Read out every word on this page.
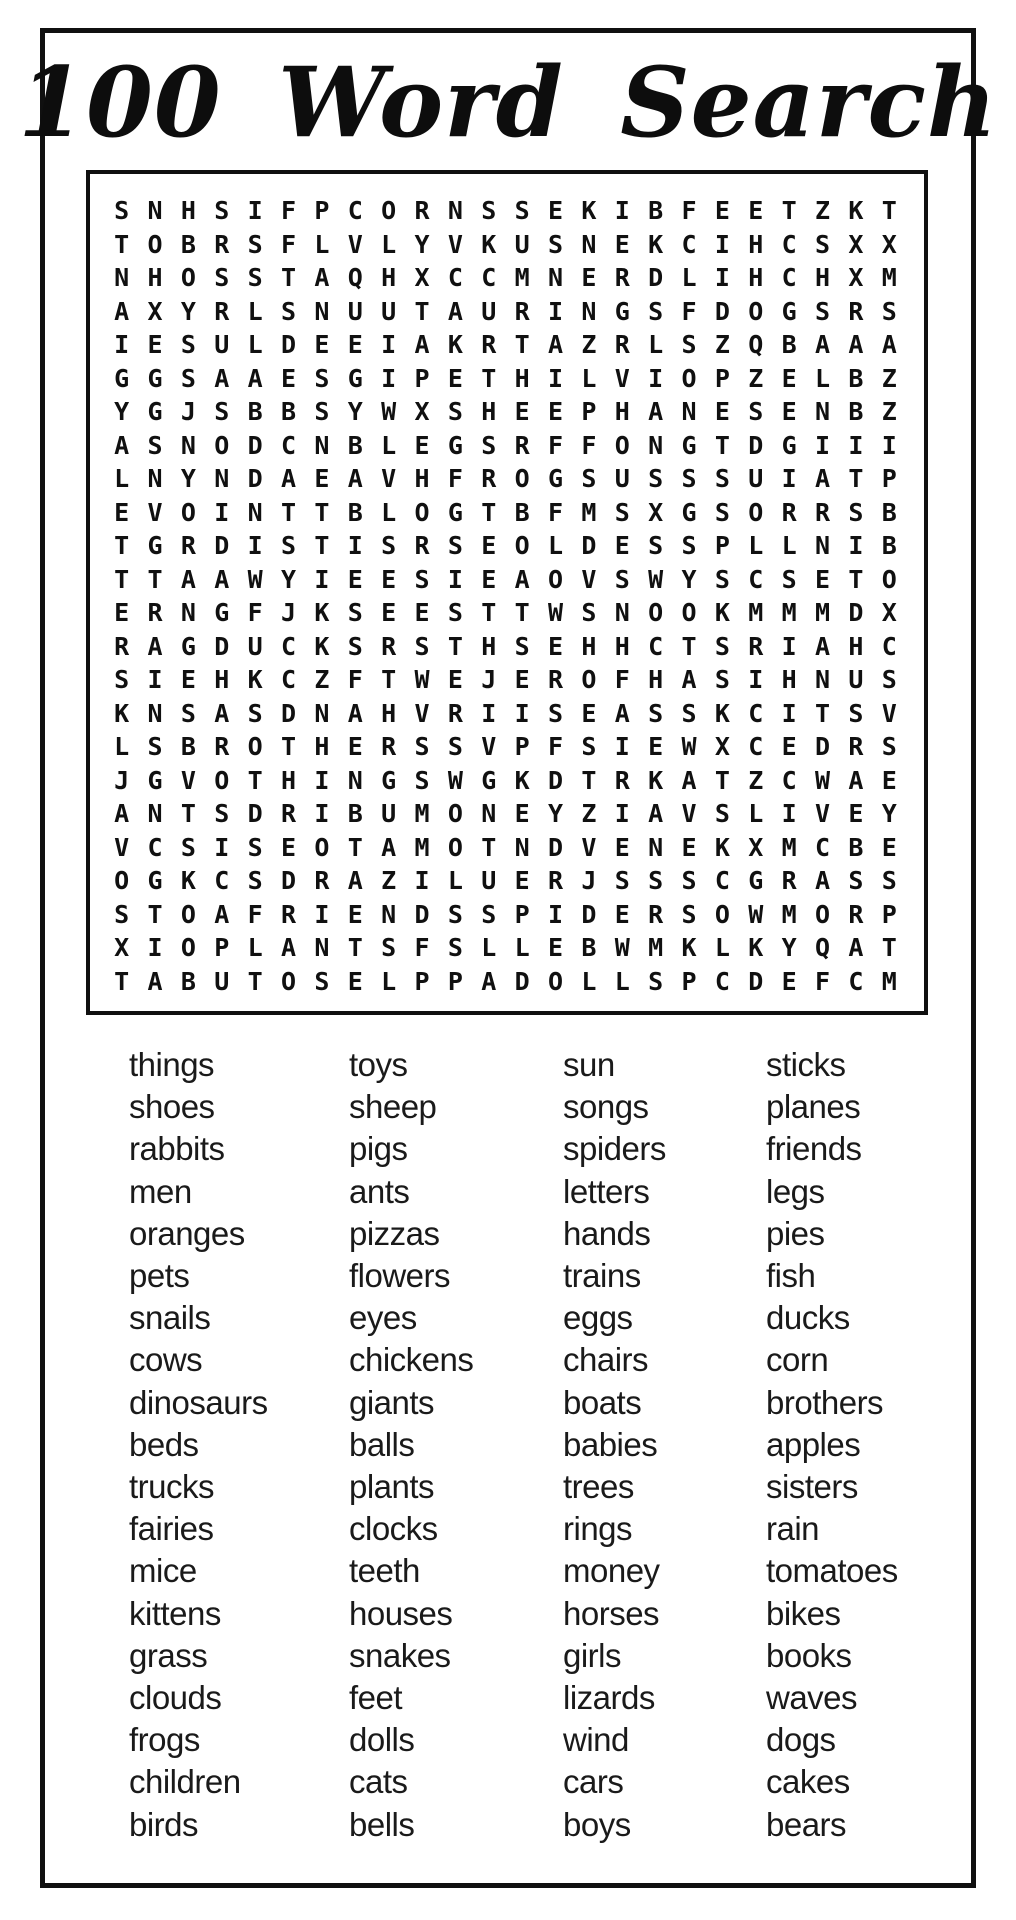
100 Word Search
S N H S I F P C O R N S S E K I B F E E T Z K T
T O B R S F L V L Y V K U S N E K C I H C S X X
N H O S S T A Q H X C C M N E R D L I H C H X M
A X Y R L S N U U T A U R I N G S F D O G S R S
I E S U L D E E I A K R T A Z R L S Z Q B A A A
G G S A A E S G I P E T H I L V I O P Z E L B Z
Y G J S B B S Y W X S H E E P H A N E S E N B Z
A S N O D C N B L E G S R F F O N G T D G I I I
L N Y N D A E A V H F R O G S U S S S U I A T P
E V O I N T T B L O G T B F M S X G S O R R S B
T G R D I S T I S R S E O L D E S S P L L N I B
T T A A W Y I E E S I E A O V S W Y S C S E T O
E R N G F J K S E E S T T W S N O O K M M M D X
R A G D U C K S R S T H S E H H C T S R I A H C
S I E H K C Z F T W E J E R O F H A S I H N U S
K N S A S D N A H V R I I S E A S S K C I T S V
L S B R O T H E R S S V P F S I E W X C E D R S
J G V O T H I N G S W G K D T R K A T Z C W A E
A N T S D R I B U M O N E Y Z I A V S L I V E Y
V C S I S E O T A M O T N D V E N E K X M C B E
O G K C S D R A Z I L U E R J S S S C G R A S S
S T O A F R I E N D S S P I D E R S O W M O R P
X I O P L A N T S F S L L E B W M K L K Y Q A T
T A B U T O S E L P P A D O L L S P C D E F C M
things
shoes
rabbits
men
oranges
pets
snails
cows
dinosaurs
beds
trucks
fairies
mice
kittens
grass
clouds
frogs
children
birds
toys
sheep
pigs
ants
pizzas
flowers
eyes
chickens
giants
balls
plants
clocks
teeth
houses
snakes
feet
dolls
cats
bells
sun
songs
spiders
letters
hands
trains
eggs
chairs
boats
babies
trees
rings
money
horses
girls
lizards
wind
cars
boys
sticks
planes
friends
legs
pies
fish
ducks
corn
brothers
apples
sisters
rain
tomatoes
bikes
books
waves
dogs
cakes
bears
